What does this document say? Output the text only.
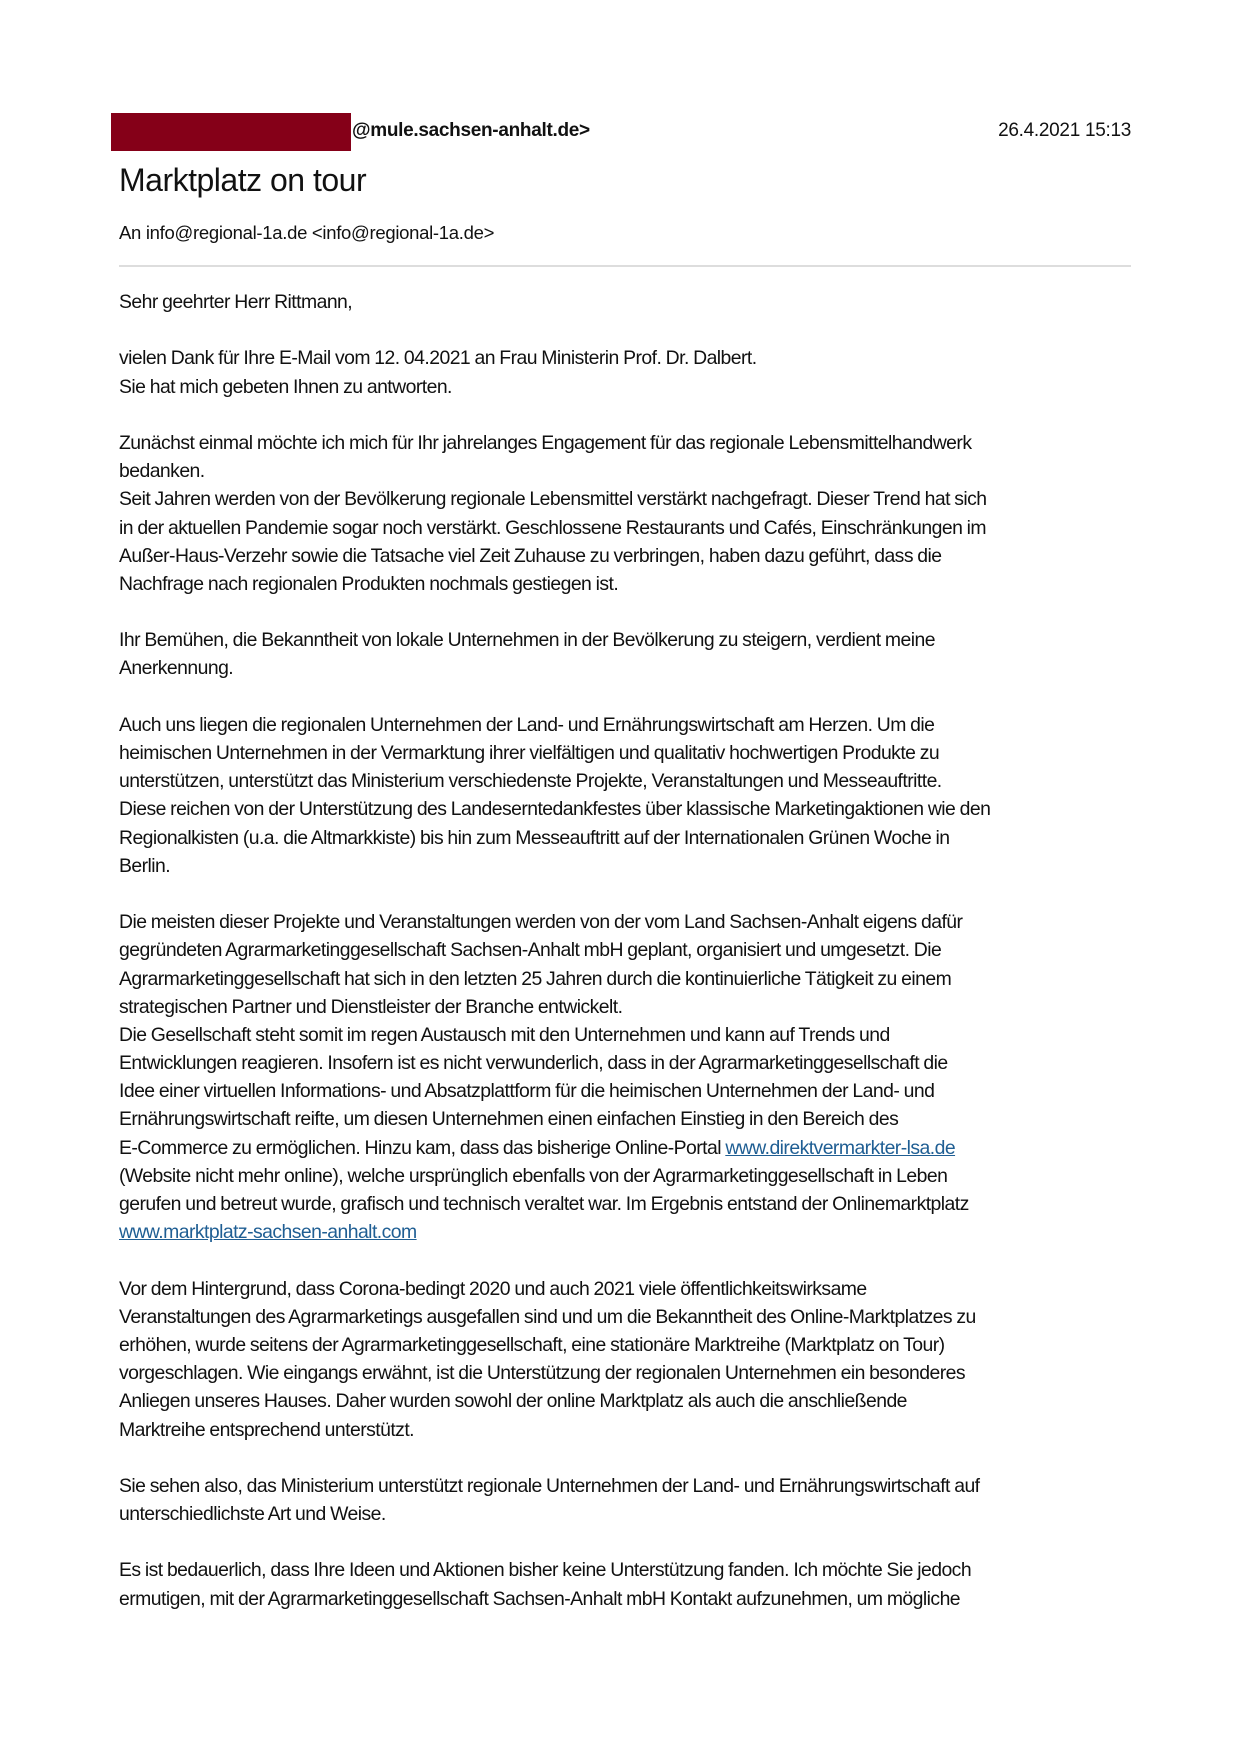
@mule.sachsen-anhalt.de>	26.4.2021 15:13
Marktplatz on tour
An info@regional-1a.de <info@regional-1a.de>
Sehr geehrter Herr Rittmann,
vielen Dank für Ihre E-Mail vom 12. 04.2021 an Frau Ministerin Prof. Dr. Dalbert.
Sie hat mich gebeten Ihnen zu antworten.
Zunächst einmal möchte ich mich für Ihr jahrelanges Engagement für das regionale Lebensmittelhandwerk
bedanken.
Seit Jahren werden von der Bevölkerung regionale Lebensmittel verstärkt nachgefragt. Dieser Trend hat sich
in der aktuellen Pandemie sogar noch verstärkt. Geschlossene Restaurants und Cafés, Einschränkungen im
Außer-Haus-Verzehr sowie die Tatsache viel Zeit Zuhause zu verbringen, haben dazu geführt, dass die
Nachfrage nach regionalen Produkten nochmals gestiegen ist.
Ihr Bemühen, die Bekanntheit von lokale Unternehmen in der Bevölkerung zu steigern, verdient meine
Anerkennung.
Auch uns liegen die regionalen Unternehmen der Land- und Ernährungswirtschaft am Herzen. Um die
heimischen Unternehmen in der Vermarktung ihrer vielfältigen und qualitativ hochwertigen Produkte zu
unterstützen, unterstützt das Ministerium verschiedenste Projekte, Veranstaltungen und Messeauftritte.
Diese reichen von der Unterstützung des Landeserntedankfestes über klassische Marketingaktionen wie den
Regionalkisten (u.a. die Altmarkkiste) bis hin zum Messeauftritt auf der Internationalen Grünen Woche in
Berlin.
Die meisten dieser Projekte und Veranstaltungen werden von der vom Land Sachsen-Anhalt eigens dafür
gegründeten Agrarmarketinggesellschaft Sachsen-Anhalt mbH geplant, organisiert und umgesetzt. Die
Agrarmarketinggesellschaft hat sich in den letzten 25 Jahren durch die kontinuierliche Tätigkeit zu einem
strategischen Partner und Dienstleister der Branche entwickelt.
Die Gesellschaft steht somit im regen Austausch mit den Unternehmen und kann auf Trends und
Entwicklungen reagieren. Insofern ist es nicht verwunderlich, dass in der Agrarmarketinggesellschaft die
Idee einer virtuellen Informations- und Absatzplattform für die heimischen Unternehmen der Land- und
Ernährungswirtschaft reifte, um diesen Unternehmen einen einfachen Einstieg in den Bereich des
E-Commerce zu ermöglichen. Hinzu kam, dass das bisherige Online-Portal www.direktvermarkter-lsa.de
(Website nicht mehr online), welche ursprünglich ebenfalls von der Agrarmarketinggesellschaft in Leben
gerufen und betreut wurde, grafisch und technisch veraltet war. Im Ergebnis entstand der Onlinemarktplatz
www.marktplatz-sachsen-anhalt.com
Vor dem Hintergrund, dass Corona-bedingt 2020 und auch 2021 viele öffentlichkeitswirksame
Veranstaltungen des Agrarmarketings ausgefallen sind und um die Bekanntheit des Online-Marktplatzes zu
erhöhen, wurde seitens der Agrarmarketinggesellschaft, eine stationäre Marktreihe (Marktplatz on Tour)
vorgeschlagen. Wie eingangs erwähnt, ist die Unterstützung der regionalen Unternehmen ein besonderes
Anliegen unseres Hauses. Daher wurden sowohl der online Marktplatz als auch die anschließende
Marktreihe entsprechend unterstützt.
Sie sehen also, das Ministerium unterstützt regionale Unternehmen der Land- und Ernährungswirtschaft auf
unterschiedlichste Art und Weise.
Es ist bedauerlich, dass Ihre Ideen und Aktionen bisher keine Unterstützung fanden. Ich möchte Sie jedoch
ermutigen, mit der Agrarmarketinggesellschaft Sachsen-Anhalt mbH Kontakt aufzunehmen, um mögliche
